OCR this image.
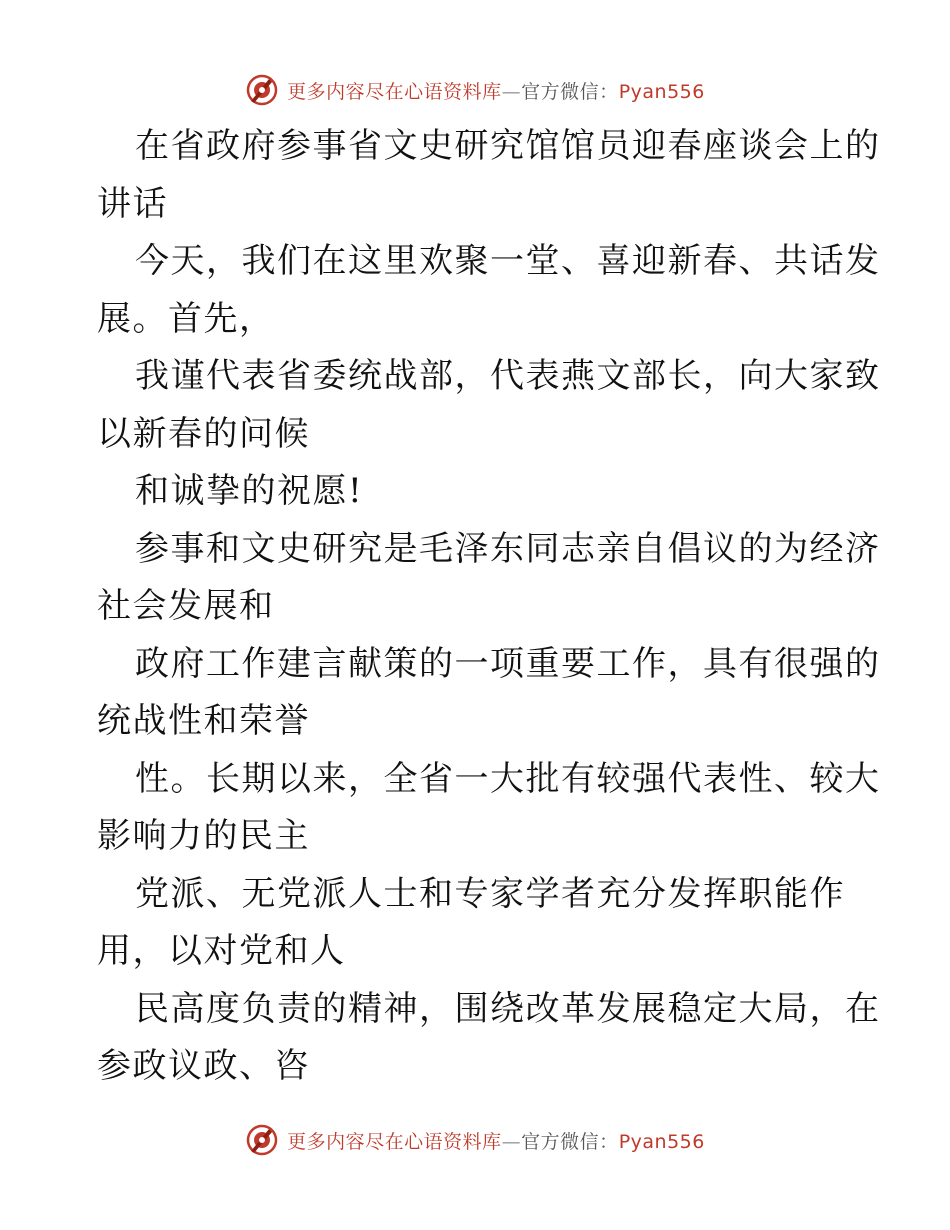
更多内容尽在心语资料库—官方微信：Pyan556
在省政府参事省文史研究馆馆员迎春座谈会上的
讲话
今天，我们在这里欢聚一堂、喜迎新春、共话发
展。首先，
我谨代表省委统战部，代表燕文部长，向大家致
以新春的问候
和诚挚的祝愿!
参事和文史研究是毛泽东同志亲自倡议的为经济
社会发展和
政府工作建言献策的一项重要工作，具有很强的
统战性和荣誉
性。长期以来，全省一大批有较强代表性、较大
影响力的民主
党派、无党派人士和专家学者充分发挥职能作
用，以对党和人
民高度负责的精神，围绕改革发展稳定大局，在
参政议政、咨
更多内容尽在心语资料库—官方微信：Pyan556
